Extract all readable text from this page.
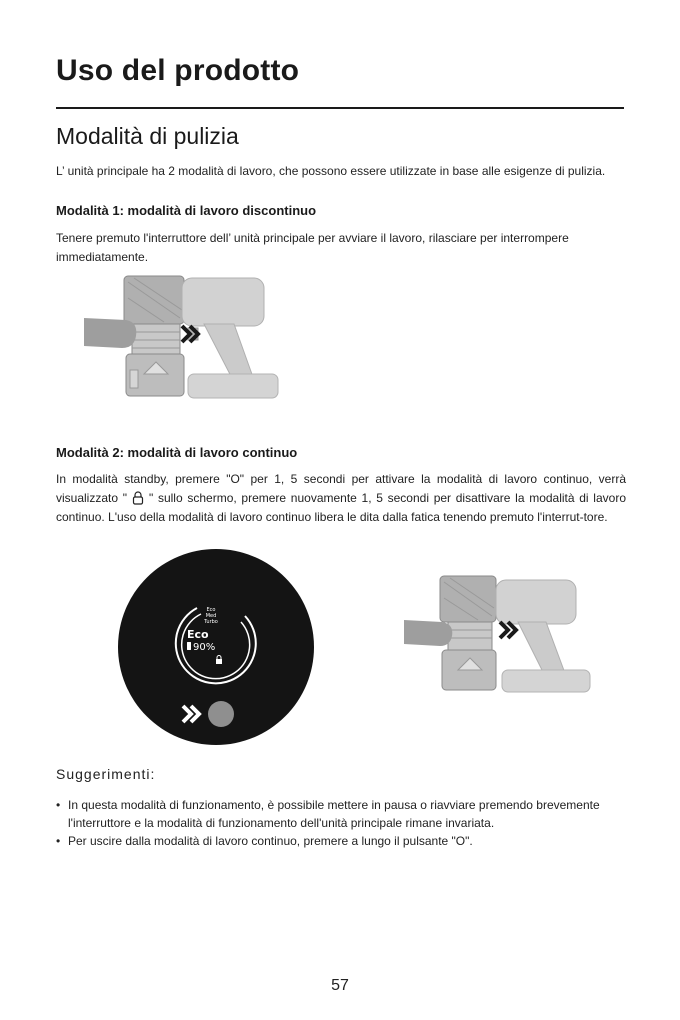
Uso del prodotto
Modalità di pulizia
L’ unità principale ha 2 modalità di lavoro, che possono essere utilizzate in base alle esigenze di pulizia.
Modalità 1: modalità di lavoro discontinuo
Tenere premuto l'interruttore dell’ unità principale per avviare il lavoro, rilasciare per interrompere immediatamente.
Modalità 2: modalità di lavoro continuo
In modalità standby, premere "O" per 1, 5 secondi per attivare la modalità di lavoro continuo, verrà visualizzato " " sullo schermo, premere nuovamente 1, 5 secondi per disattivare la modalità di lavoro continuo. L'uso della modalità di lavoro continuo libera le dita dalla fatica tenendo premuto l'interrut-tore.
Eco
Med
Turbo
Eco
90%
Suggerimenti:
• In questa modalità di funzionamento, è possibile mettere in pausa o riavviare premendo brevemente l'interruttore e la modalità di funzionamento dell'unità principale rimane invariata.
• Per uscire dalla modalità di lavoro continuo, premere a lungo il pulsante "O".
57
